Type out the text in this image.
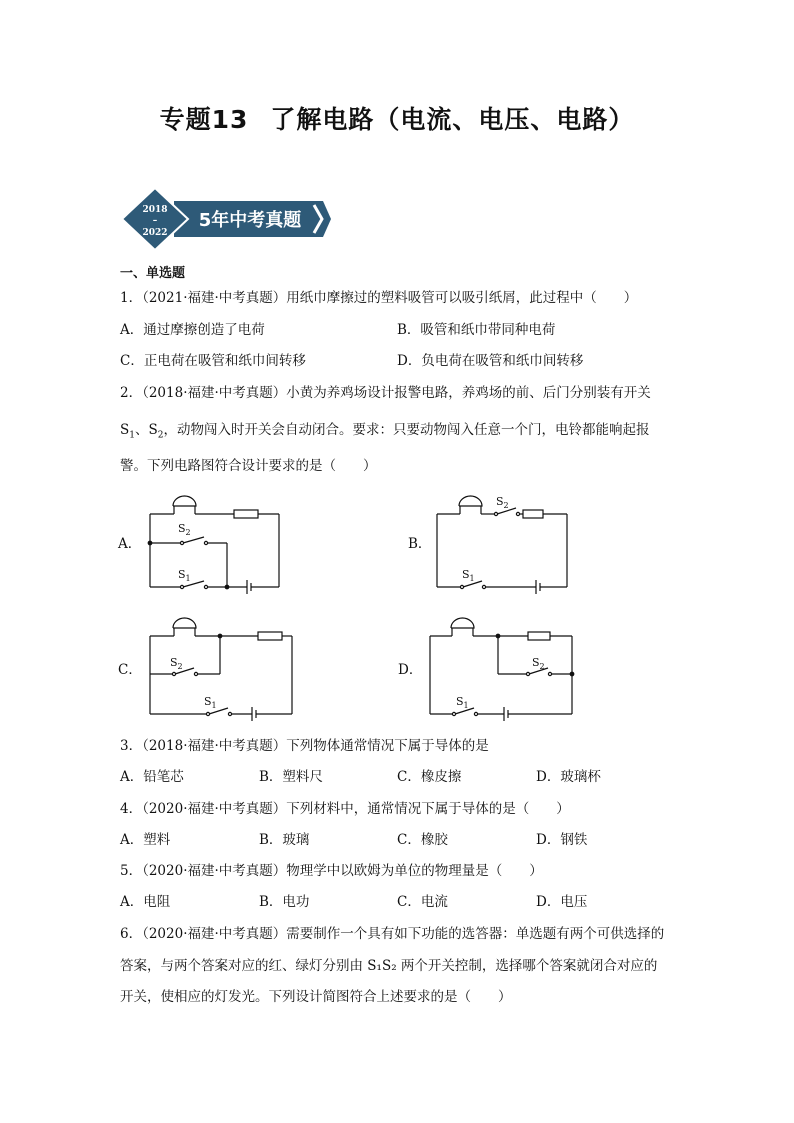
专题13 了解电路（电流、电压、电路）
2018
–
2022
5年中考真题
一、单选题
1．（2021·福建·中考真题）用纸巾摩擦过的塑料吸管可以吸引纸屑，此过程中（　　）
A．通过摩擦创造了电荷	B．吸管和纸巾带同种电荷
C．正电荷在吸管和纸巾间转移	D．负电荷在吸管和纸巾间转移
2．（2018·福建·中考真题）小黄为养鸡场设计报警电路，养鸡场的前、后门分别装有开关
$S_1$、$S_2$，动物闯入时开关会自动闭合。要求：只要动物闯入任意一个门，电铃都能响起报
警。下列电路图符合设计要求的是（　　）
A．
$S_2$
$S_1$
B．
$S_2$
$S_1$
C．	$S_2$
$S_1$
D．	$S_2$
$S_1$
3．（2018·福建·中考真题）下列物体通常情况下属于导体的是
A．铅笔芯	B．塑料尺	C．橡皮擦	D．玻璃杯
4．（2020·福建·中考真题）下列材料中，通常情况下属于导体的是（　　）
A．塑料	B．玻璃	C．橡胶	D．钢铁
5．（2020·福建·中考真题）物理学中以欧姆为单位的物理量是（　　）
A．电阻	B．电功	C．电流	D．电压
6．（2020·福建·中考真题）需要制作一个具有如下功能的选答器：单选题有两个可供选择的
答案，与两个答案对应的红、绿灯分别由 S₁S₂ 两个开关控制，选择哪个答案就闭合对应的
开关，使相应的灯发光。下列设计简图符合上述要求的是（　　）
